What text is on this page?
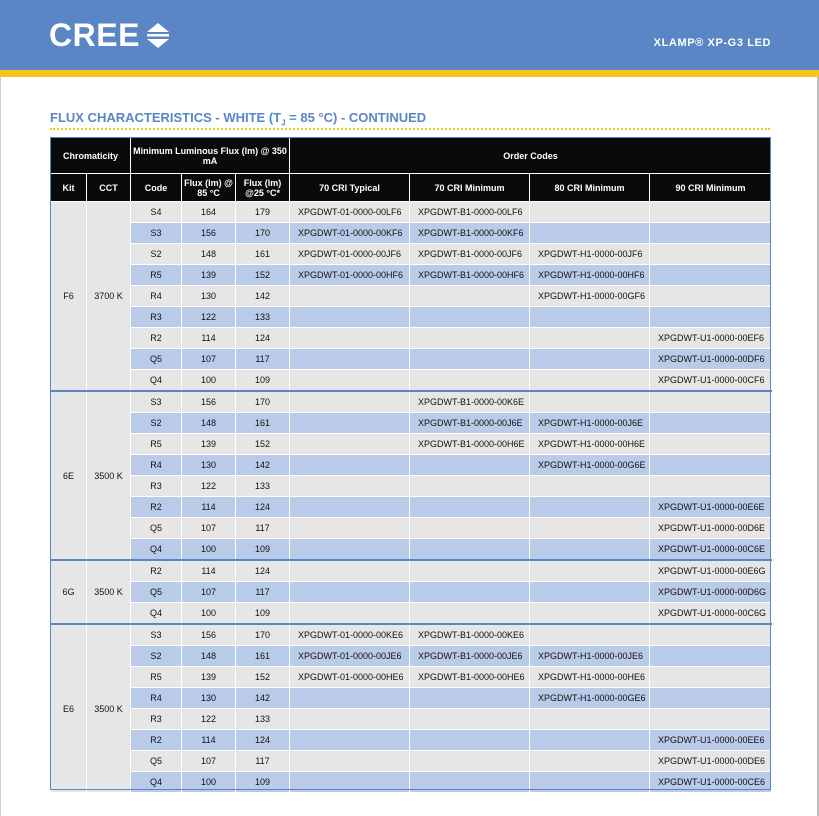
CREE	XLAMP® XP-G3 LED
FLUX CHARACTERISTICS - WHITE ($T_J = 85$ °C) - CONTINUED
Chromaticity		Minimum Luminous Flux (lm) @ 350 mA			Order Codes			
Kit	CCT	Code	Flux (lm) @ 85 °C	Flux (lm) @25 °C*	70 CRI Typical	70 CRI Minimum	80 CRI Minimum	90 CRI Minimum
F6	3700 K	S4	164	179	XPGDWT-01-0000-00LF6	XPGDWT-B1-0000-00LF6		
		S3	156	170	XPGDWT-01-0000-00KF6	XPGDWT-B1-0000-00KF6		
		S2	148	161	XPGDWT-01-0000-00JF6	XPGDWT-B1-0000-00JF6	XPGDWT-H1-0000-00JF6	
		R5	139	152	XPGDWT-01-0000-00HF6	XPGDWT-B1-0000-00HF6	XPGDWT-H1-0000-00HF6	
		R4	130	142			XPGDWT-H1-0000-00GF6	
		R3	122	133				
		R2	114	124				XPGDWT-U1-0000-00EF6
		Q5	107	117				XPGDWT-U1-0000-00DF6
		Q4	100	109				XPGDWT-U1-0000-00CF6
6E	3500 K	S3	156	170		XPGDWT-B1-0000-00K6E		
		S2	148	161		XPGDWT-B1-0000-00J6E	XPGDWT-H1-0000-00J6E	
		R5	139	152		XPGDWT-B1-0000-00H6E	XPGDWT-H1-0000-00H6E	
		R4	130	142			XPGDWT-H1-0000-00G6E	
		R3	122	133				
		R2	114	124				XPGDWT-U1-0000-00E6E
		Q5	107	117				XPGDWT-U1-0000-00D6E
		Q4	100	109				XPGDWT-U1-0000-00C6E
6G	3500 K	R2	114	124				XPGDWT-U1-0000-00E6G
		Q5	107	117				XPGDWT-U1-0000-00D6G
		Q4	100	109				XPGDWT-U1-0000-00C6G
E6	3500 K	S3	156	170	XPGDWT-01-0000-00KE6	XPGDWT-B1-0000-00KE6		
		S2	148	161	XPGDWT-01-0000-00JE6	XPGDWT-B1-0000-00JE6	XPGDWT-H1-0000-00JE6	
		R5	139	152	XPGDWT-01-0000-00HE6	XPGDWT-B1-0000-00HE6	XPGDWT-H1-0000-00HE6	
		R4	130	142			XPGDWT-H1-0000-00GE6	
		R3	122	133				
		R2	114	124				XPGDWT-U1-0000-00EE6
		Q5	107	117				XPGDWT-U1-0000-00DE6
		Q4	100	109				XPGDWT-U1-0000-00CE6
